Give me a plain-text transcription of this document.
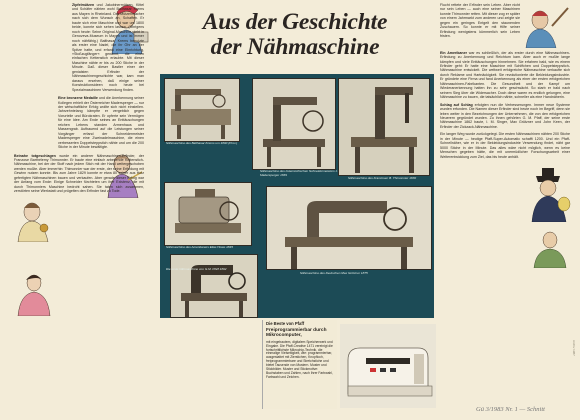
Aus der Geschichte
der Nähmaschine

Zipfelmützen und Jakobinermützen, Kittel und Schäfer nähten wohl Balthasar Krems aus Mayen in Rheinland. Der Mützenmacher nach sich dem Wunsch an, Schaffen. Er baute sich eine Maschine und war um 1800 beide, konnte sich sehen lassen. (Übrigens noch heute: Seine Original-Maschine steht in Genovevа-Museum in Mayen und ist immer noch nähfähig.) Balthasar Krems benutzte als erster eine Nadel, die ihr Öhr an der Spitze hatte, und erfand eine Einrichtung, »Stoßzugfänger« genannt, die einen einfachen Kettenstich erlaubte. Mit dieser Maschine nähte er bis zu 200 Stiche in der Minute. Daß dieser Bastler einer der genialsten Erfinder der Nähmaschinengeschichte war, kam man daraus ersehen, daß einige seiner Konstruktionsideen noch heute bei Spezialmaschinen Verwendung finden.

Eine bronzene Medaille und die Anerkennung seiner Kollegen erhielt der Österreicher Madersperger — nur der wirtschaftliche Erfolg wollte sich nicht einstellen. Jahrzehntelang kämpfte er vergeblich gegen Vorurteile und Bürokraten. Er opferte sein Vermögen für eine Idee. Am Ende seines an Enttäuschungen reichen Lebens standen Armenhaus und Massengrab. Aufbauend auf die Leistungen seiner Vorgänger erfand der Schneidermeister Madersperger eine Zweinadelmaschine, die einen verbesserten Doppelsteppstich nähte und um die 200 Stiche in der Minute bewältigte.

Beinahe totgeschlagen wurde ein anderer Nähmaschinen-Erfinder, der Franzose Barthélemy Thimonnier. Er baute eine einfach arbeitende Kettenstich-Nähmaschine, bei der der Stoff nach jedem Stich mit der Hand weitergeschoben werden mußte. Aber immerhin: Thimonnier war der erste, der seine Erfindung mit Gewinn nutzen konnte. Bis zum Jahre 1829 konnte er etwa 80 seiner aus Holz gefertigten Nähmaschinen bauen und verkaufen. Aber gerade dieser Erfolg war der Anfang vom Ende: Einige Schneider fürchteten um ihre Existenz, die mit durch Thimonniers Maschine bedroht sahen. Sie taten sich zusammen, zerstörten seine Werkstatt und prügelten den Erfinder fast zu Tode.

Nähmaschine des Balthasar Krems um 1800 (Prov.)
Nähmaschine des österreichischen Schneidermeisters J. Madersperger 1839
Nähmaschine des Franzosen B. Thimonnier 1830
Nähmaschine des Amerikaners Elias Howe 1845
Nähmaschine des Deutschen Max Grützner 1875
Die erste Nähmaschine von G.M. Pfaff 1862
Die Beste von Pfaff
Freiprogrammierbar durch Mikrocomputer,
mit eingebautem, digitalem Speicherwerk und Eingabe. Die Pfaff-Creative 1471 vereinigt die fortschrittlichste Mikrochip-Technik, die einmalige Vielseitigkeit, wie: programmierbar, ausgestattet mit Zierstichen, Knopfloch, freiprogrammierbare und Stretchstiche und bietet Tausende von Mustern. Muster und Stickbilder. Muster und Stickmotive: Buchstaben und Zahlen, nach Ihrer Farbwahl, Farbwahl und Zeichen.

Flucht rettete der Erfinder sein Leben. Aber nicht nur sein Leben — auch eine seiner Maschinen konnte Thimonnier retten. Mit dieser zog er später von einem Jahrmarkt zum anderen und zeigte sie gegen ein geringes Entgelt den staunenden Zuschauern. So konnte er mit Hilfe seiner Erfindung wenigstens kümmerlich sein Leben fristen.

Ein Amerikaner war es schließlich, der als erster durch eine Nähmaschinen-Erfindung zu Anerkennung und Reichtum kam. Aber auch er mußte lange kämpfen und viele Enttäuschungen hinnehmen. Sie erfahren bald, wie es einem Erfinder geht: Er hatte eine Maschine mit Schiffchen und Doppelsteppstich-Nähmaschine entwickelt. Die weltweit erfolgreiche Nähmaschine verkaufte sich durch Reklame und Hartnäckigkeit. Sie revolutionierte die Bekleidungsindustrie. Er gründete eine Firma und fand Anerkennung als einer der ersten erfolgreichen Nähmaschinen-Fabrikanten. Die Gesundheit und der Kampf um Wiederanerkennung hatten ihn zu sehr geschwächt. So starb er bald nach seinem Sieg über die Widersacher. Doch diese waren es endlich gelungen, eine Nähmaschine zu bauen, die tatsächlich nähte, schneller als eine Handnäherin.

Schlag auf Schlag erfolgten nun die Verbesserungen. Immer neue Systeme wurden erfunden. Die Namen dieser Erfinder sind heute noch im Begriff, denn sie leben weiter in den Bezeichnungen der Unternehmen, die von den erfolgreichen Neuerern gegründet wurden. Zu ihnen gehörten G. M. Pfaff, der seine erste Nähmaschine 1862 baute, I. M. Singer, Max Grützner und John Keen, der Erfinder der Zickzack-Nähmaschine.

Ein langer Weg wurde zurückgelegt. Die ersten Nähmaschinen nähten 200 Stiche in der Minute — heutige Pfaff-Super-Automatic schafft 1200. Und ein Pfaff-Schnellnäher, wie er in der Bekleidungsindustrie Verwendung findet, näht gar 5000 Stiche in der Minute. Das alles wäre nicht möglich, wenn es keine Menschen gegeben hätte, die mit unermüdlicher Forschungsarbeit einer Weiterentwicklung zum Ziel, das bis heute anhält.

Archiv 1987
Gü 3/1983 Nr. 1 — Schnitt
